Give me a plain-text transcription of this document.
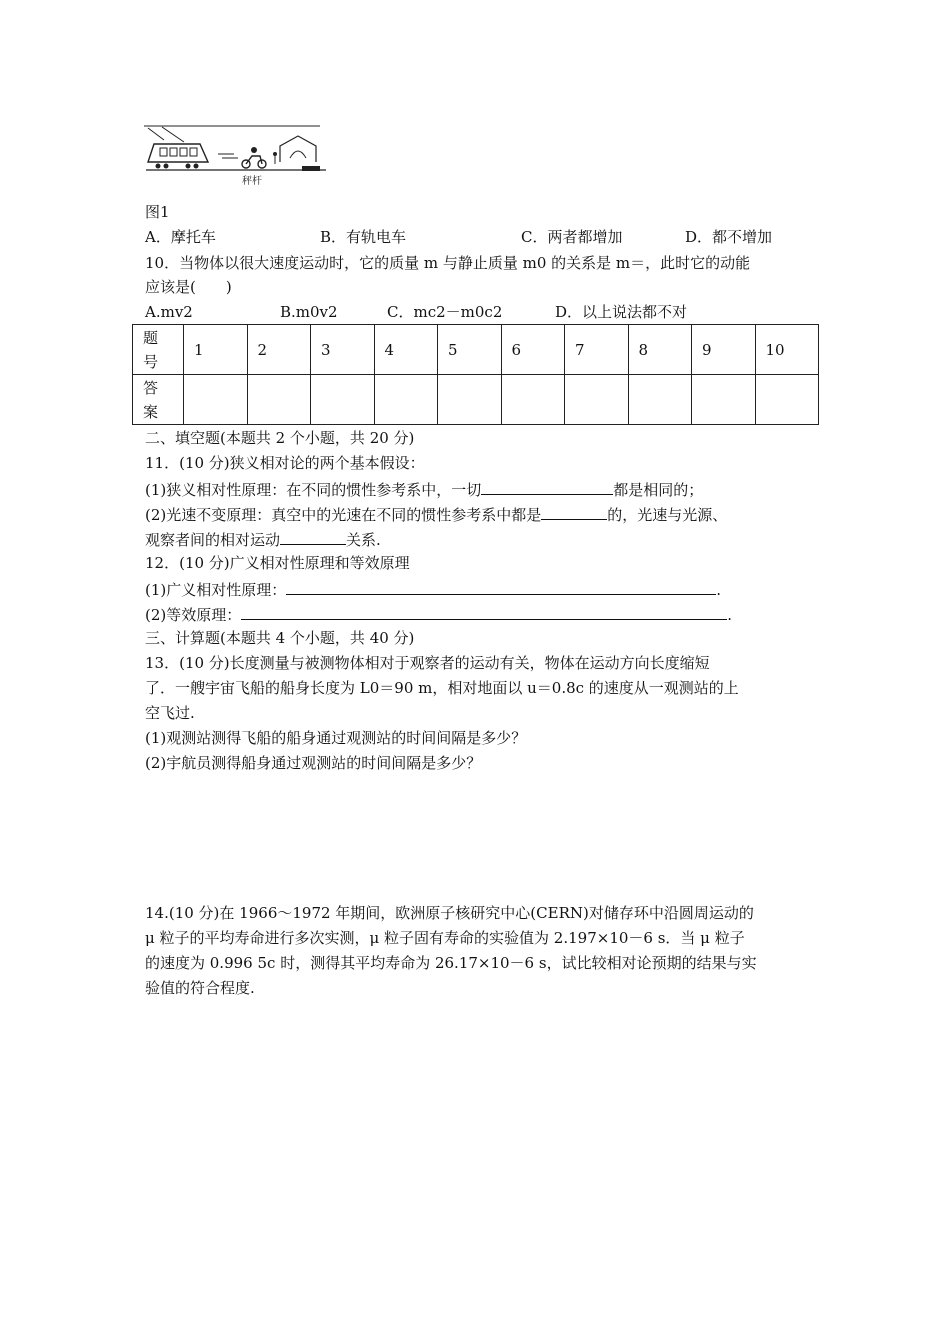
秤杆
图1
A．摩托车	B．有轨电车	C．两者都增加	D．都不增加
10．当物体以很大速度运动时，它的质量 m 与静止质量 m0 的关系是 m＝，此时它的动能
应该是(　　)
A.mv2	B.m0v2	C．mc2－m0c2	D．以上说法都不对
题
号	1	2	3	4	5	6	7	8	9	10
答
案										
二、填空题(本题共 2 个小题，共 20 分)
11．(10 分)狭义相对论的两个基本假设：
(1)狭义相对性原理：在不同的惯性参考系中，一切	都是相同的；
(2)光速不变原理：真空中的光速在不同的惯性参考系中都是	的，光速与光源、
观察者间的相对运动	关系.
12．(10 分)广义相对性原理和等效原理
(1)广义相对性原理：	.
(2)等效原理：	.
三、计算题(本题共 4 个小题，共 40 分)
13．(10 分)长度测量与被测物体相对于观察者的运动有关，物体在运动方向长度缩短
了．一艘宇宙飞船的船身长度为 L0＝90 m，相对地面以 u＝0.8c 的速度从一观测站的上
空飞过.
(1)观测站测得飞船的船身通过观测站的时间间隔是多少？
(2)宇航员测得船身通过观测站的时间间隔是多少？
14.(10 分)在 1966～1972 年期间，欧洲原子核研究中心(CERN)对储存环中沿圆周运动的
μ 粒子的平均寿命进行多次实测，μ 粒子固有寿命的实验值为 2.197×10－6 s．当 μ 粒子
的速度为 0.996 5c 时，测得其平均寿命为 26.17×10－6 s，试比较相对论预期的结果与实
验值的符合程度.
